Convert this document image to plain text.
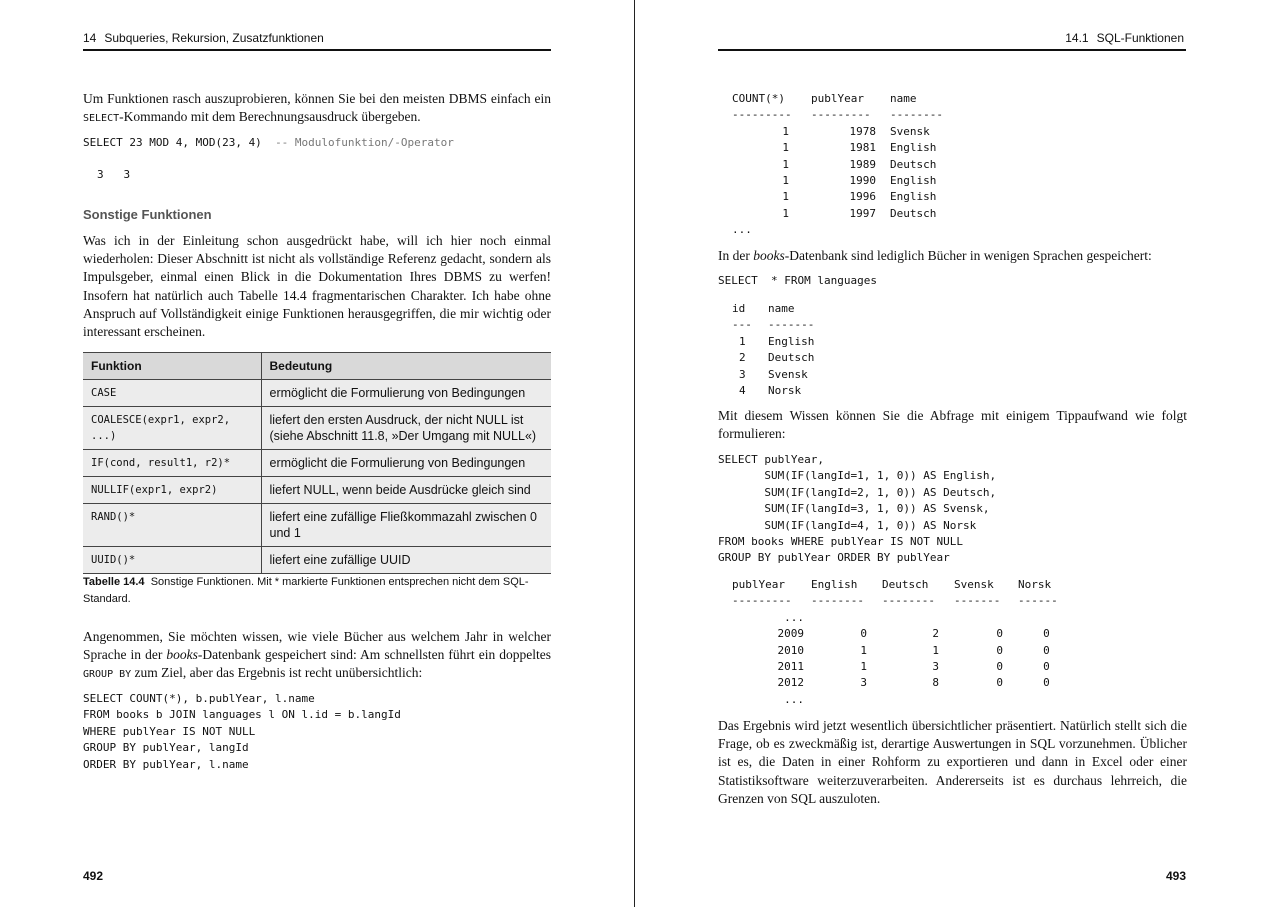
14 Subqueries, Rekursion, Zusatzfunktionen

Um Funktionen rasch auszuprobieren, können Sie bei den meisten DBMS einfach ein SELECT-Kommando mit dem Berechnungsausdruck übergeben.

SELECT 23 MOD 4, MOD(23, 4) -- Modulofunktion/-Operator
3   3
Sonstige Funktionen

Was ich in der Einleitung schon ausgedrückt habe, will ich hier noch einmal wiederholen: Dieser Abschnitt ist nicht als vollständige Referenz gedacht, sondern als Impulsgeber, einmal einen Blick in die Dokumentation Ihres DBMS zu werfen! Insofern hat natürlich auch Tabelle 14.4 fragmentarischen Charakter. Ich habe ohne Anspruch auf Vollständigkeit einige Funktionen herausgegriffen, die mir wichtig oder interessant erscheinen.

Funktion	Bedeutung
CASE	ermöglicht die Formulierung von Bedingungen
COALESCE(expr1, expr2, ...)	liefert den ersten Ausdruck, der nicht NULL ist (siehe Abschnitt 11.8, »Der Umgang mit NULL«)
IF(cond, result1, r2)*	ermöglicht die Formulierung von Bedingungen
NULLIF(expr1, expr2)	liefert NULL, wenn beide Ausdrücke gleich sind
RAND()*	liefert eine zufällige Fließkommazahl zwischen 0 und 1
UUID()*	liefert eine zufällige UUID

Tabelle 14.4 Sonstige Funktionen. Mit * markierte Funktionen entsprechen nicht dem SQL-Standard.

Angenommen, Sie möchten wissen, wie viele Bücher aus welchem Jahr in welcher Sprache in der books-Datenbank gespeichert sind: Am schnellsten führt ein doppeltes GROUP BY zum Ziel, aber das Ergebnis ist recht unübersichtlich:

SELECT COUNT(*), b.publYear, l.name
FROM books b JOIN languages l ON l.id = b.langId
WHERE publYear IS NOT NULL
GROUP BY publYear, langId
ORDER BY publYear, l.name
492
14.1 SQL-Funktionen
COUNT(*)	publYear	name
---------	---------	--------
1	1978	Svensk
1	1981	English
1	1989	Deutsch
1	1990	English
1	1996	English
1	1997	Deutsch
...		

In der books-Datenbank sind lediglich Bücher in wenigen Sprachen gespeichert:

SELECT  * FROM languages
id	name
---	-------
1	English
2	Deutsch
3	Svensk
4	Norsk

Mit diesem Wissen können Sie die Abfrage mit einigem Tippaufwand wie folgt formulieren:

SELECT publYear,
SUM(IF(langId=1, 1, 0)) AS English,
SUM(IF(langId=2, 1, 0)) AS Deutsch,
SUM(IF(langId=3, 1, 0)) AS Svensk,
SUM(IF(langId=4, 1, 0)) AS Norsk
FROM books WHERE publYear IS NOT NULL
GROUP BY publYear ORDER BY publYear
publYear	English	Deutsch	Svensk	Norsk
---------	--------	--------	-------	------
...				
2009	0	2	0	0
2010	1	1	0	0
2011	1	3	0	0
2012	3	8	0	0
...				

Das Ergebnis wird jetzt wesentlich übersichtlicher präsentiert. Natürlich stellt sich die Frage, ob es zweckmäßig ist, derartige Auswertungen in SQL vorzunehmen. Üblicher ist es, die Daten in einer Rohform zu exportieren und dann in Excel oder einer Statistiksoftware weiterzuverarbeiten. Andererseits ist es durchaus lehrreich, die Grenzen von SQL auszuloten.

493
